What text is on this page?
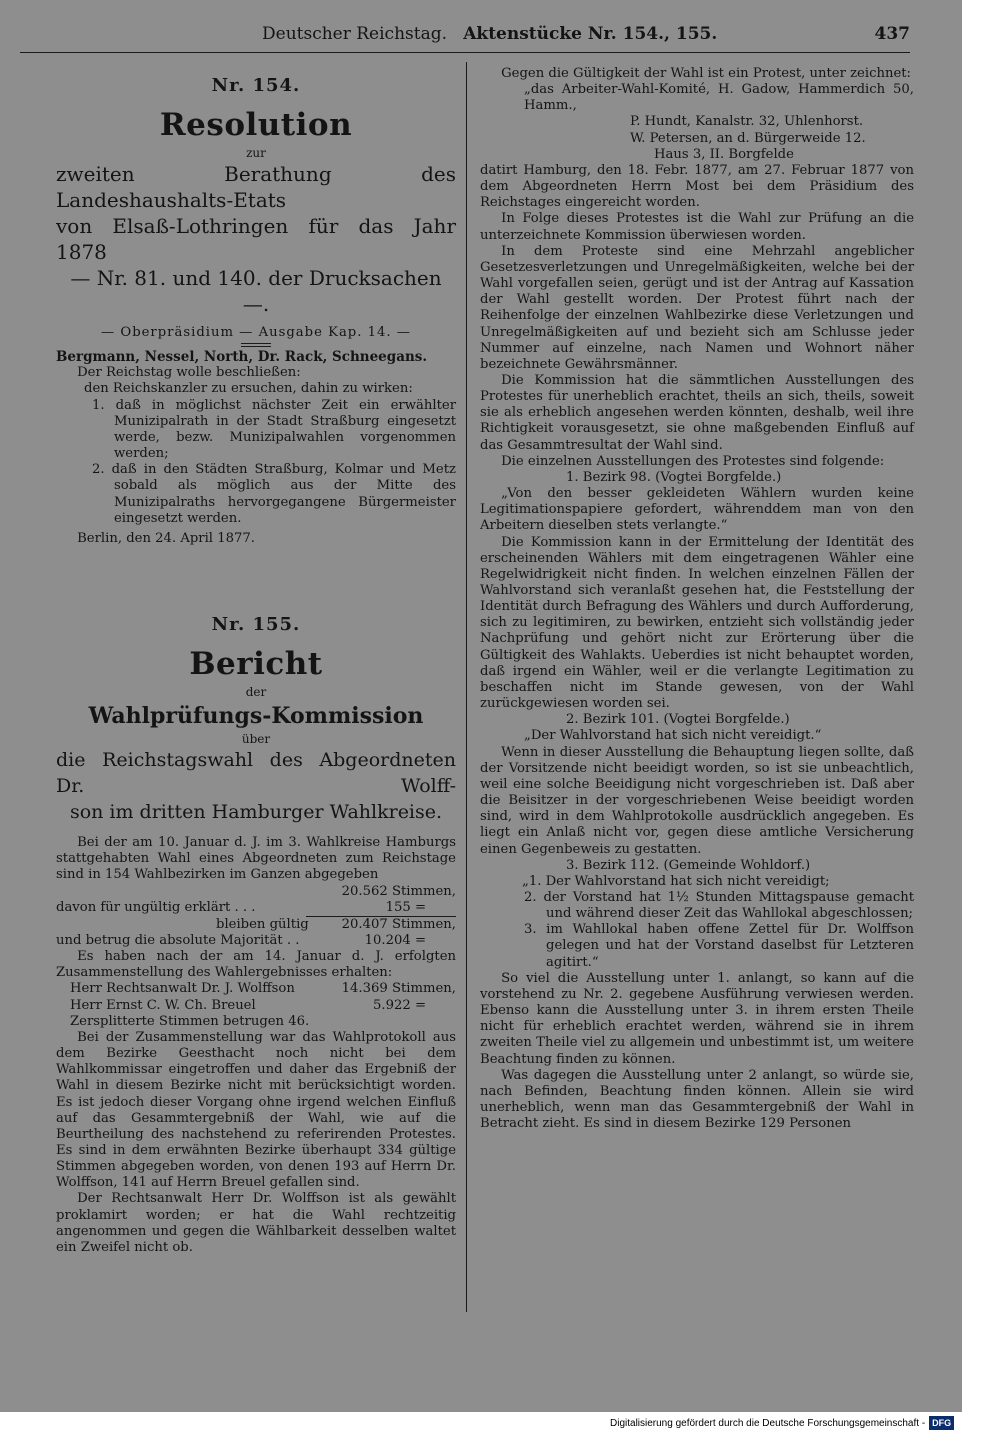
Deutscher Reichstag. Aktenstücke Nr. 154., 155.	437

Nr. 154.

Resolution

zur

zweiten Berathung des Landeshaushalts-Etats

von Elsaß-Lothringen für das Jahr 1878

— Nr. 81. und 140. der Drucksachen —.

— Oberpräsidium — Ausgabe Kap. 14. —

Bergmann, Nessel, North, Dr. Rack, Schneegans.

Der Reichstag wolle beschließen:

den Reichskanzler zu ersuchen, dahin zu wirken:

1. daß in möglichst nächster Zeit ein erwählter Munizipalrath in der Stadt Straßburg eingesetzt werde, bezw. Munizipalwahlen vorgenommen werden;

2. daß in den Städten Straßburg, Kolmar und Metz sobald als möglich aus der Mitte des Munizipalraths hervorgegangene Bürgermeister eingesetzt werden.

Berlin, den 24. April 1877.

Nr. 155.

Bericht

der

Wahlprüfungs-Kommission

über

die Reichstagswahl des Abgeordneten Dr. Wolff-

son im dritten Hamburger Wahlkreise.

Bei der am 10. Januar d. J. im 3. Wahlkreise Hamburgs stattgehabten Wahl eines Abgeordneten zum Reichstage sind in 154 Wahlbezirken im Ganzen abgegeben

20.562 Stimmen,

davon für ungültig erklärt . . .	155 =
bleiben gültig 20.407 Stimmen,
und betrug die absolute Majorität . .	10.204 =

Es haben nach der am 14. Januar d. J. erfolgten Zusammenstellung des Wahlergebnisses erhalten:

Herr Rechtsanwalt Dr. J. Wolffson	14.369 Stimmen,
Herr Ernst C. W. Ch. Breuel	5.922 =

Zersplitterte Stimmen betrugen 46.

Bei der Zusammenstellung war das Wahlprotokoll aus dem Bezirke Geesthacht noch nicht bei dem Wahlkommissar eingetroffen und daher das Ergebniß der Wahl in diesem Bezirke nicht mit berücksichtigt worden. Es ist jedoch dieser Vorgang ohne irgend welchen Einfluß auf das Gesammtergebniß der Wahl, wie auf die Beurtheilung des nachstehend zu referirenden Protestes. Es sind in dem erwähnten Bezirke überhaupt 334 gültige Stimmen abgegeben worden, von denen 193 auf Herrn Dr. Wolffson, 141 auf Herrn Breuel gefallen sind.

Der Rechtsanwalt Herr Dr. Wolffson ist als gewählt proklamirt worden; er hat die Wahl rechtzeitig angenommen und gegen die Wählbarkeit desselben waltet ein Zweifel nicht ob.

Gegen die Gültigkeit der Wahl ist ein Protest, unter zeichnet:

„das Arbeiter-Wahl-Komité, H. Gadow, Hammerdich 50, Hamm.,

P. Hundt, Kanalstr. 32, Uhlenhorst.

W. Petersen, an d. Bürgerweide 12.

Haus 3, II. Borgfelde

datirt Hamburg, den 18. Febr. 1877, am 27. Februar 1877 von dem Abgeordneten Herrn Most bei dem Präsidium des Reichstages eingereicht worden.

In Folge dieses Protestes ist die Wahl zur Prüfung an die unterzeichnete Kommission überwiesen worden.

In dem Proteste sind eine Mehrzahl angeblicher Gesetzesverletzungen und Unregelmäßigkeiten, welche bei der Wahl vorgefallen seien, gerügt und ist der Antrag auf Kassation der Wahl gestellt worden. Der Protest führt nach der Reihenfolge der einzelnen Wahlbezirke diese Verletzungen und Unregelmäßigkeiten auf und bezieht sich am Schlusse jeder Nummer auf einzelne, nach Namen und Wohnort näher bezeichnete Gewährsmänner.

Die Kommission hat die sämmtlichen Ausstellungen des Protestes für unerheblich erachtet, theils an sich, theils, soweit sie als erheblich angesehen werden könnten, deshalb, weil ihre Richtigkeit vorausgesetzt, sie ohne maßgebenden Einfluß auf das Gesammtresultat der Wahl sind.

Die einzelnen Ausstellungen des Protestes sind folgende:

1. Bezirk 98. (Vogtei Borgfelde.)

„Von den besser gekleideten Wählern wurden keine Legitimationspapiere gefordert, währenddem man von den Arbeitern dieselben stets verlangte.“

Die Kommission kann in der Ermittelung der Identität des erscheinenden Wählers mit dem eingetragenen Wähler eine Regelwidrigkeit nicht finden. In welchen einzelnen Fällen der Wahlvorstand sich veranlaßt gesehen hat, die Feststellung der Identität durch Befragung des Wählers und durch Aufforderung, sich zu legitimiren, zu bewirken, entzieht sich vollständig jeder Nachprüfung und gehört nicht zur Erörterung über die Gültigkeit des Wahlakts. Ueberdies ist nicht behauptet worden, daß irgend ein Wähler, weil er die verlangte Legitimation zu beschaffen nicht im Stande gewesen, von der Wahl zurückgewiesen worden sei.

2. Bezirk 101. (Vogtei Borgfelde.)

„Der Wahlvorstand hat sich nicht vereidigt.“

Wenn in dieser Ausstellung die Behauptung liegen sollte, daß der Vorsitzende nicht beeidigt worden, so ist sie unbeachtlich, weil eine solche Beeidigung nicht vorgeschrieben ist. Daß aber die Beisitzer in der vorgeschriebenen Weise beeidigt worden sind, wird in dem Wahlprotokolle ausdrücklich angegeben. Es liegt ein Anlaß nicht vor, gegen diese amtliche Versicherung einen Gegenbeweis zu gestatten.

3. Bezirk 112. (Gemeinde Wohldorf.)

„1. Der Wahlvorstand hat sich nicht vereidigt;

2. der Vorstand hat 1½ Stunden Mittagspause gemacht und während dieser Zeit das Wahllokal abgeschlossen;

3. im Wahllokal haben offene Zettel für Dr. Wolffson gelegen und hat der Vorstand daselbst für Letzteren agitirt.“

So viel die Ausstellung unter 1. anlangt, so kann auf die vorstehend zu Nr. 2. gegebene Ausführung verwiesen werden. Ebenso kann die Ausstellung unter 3. in ihrem ersten Theile nicht für erheblich erachtet werden, während sie in ihrem zweiten Theile viel zu allgemein und unbestimmt ist, um weitere Beachtung finden zu können.

Was dagegen die Ausstellung unter 2 anlangt, so würde sie, nach Befinden, Beachtung finden können. Allein sie wird unerheblich, wenn man das Gesammtergebniß der Wahl in Betracht zieht. Es sind in diesem Bezirke 129 Personen

Digitalisierung gefördert durch die Deutsche Forschungsgemeinschaft - DFG
